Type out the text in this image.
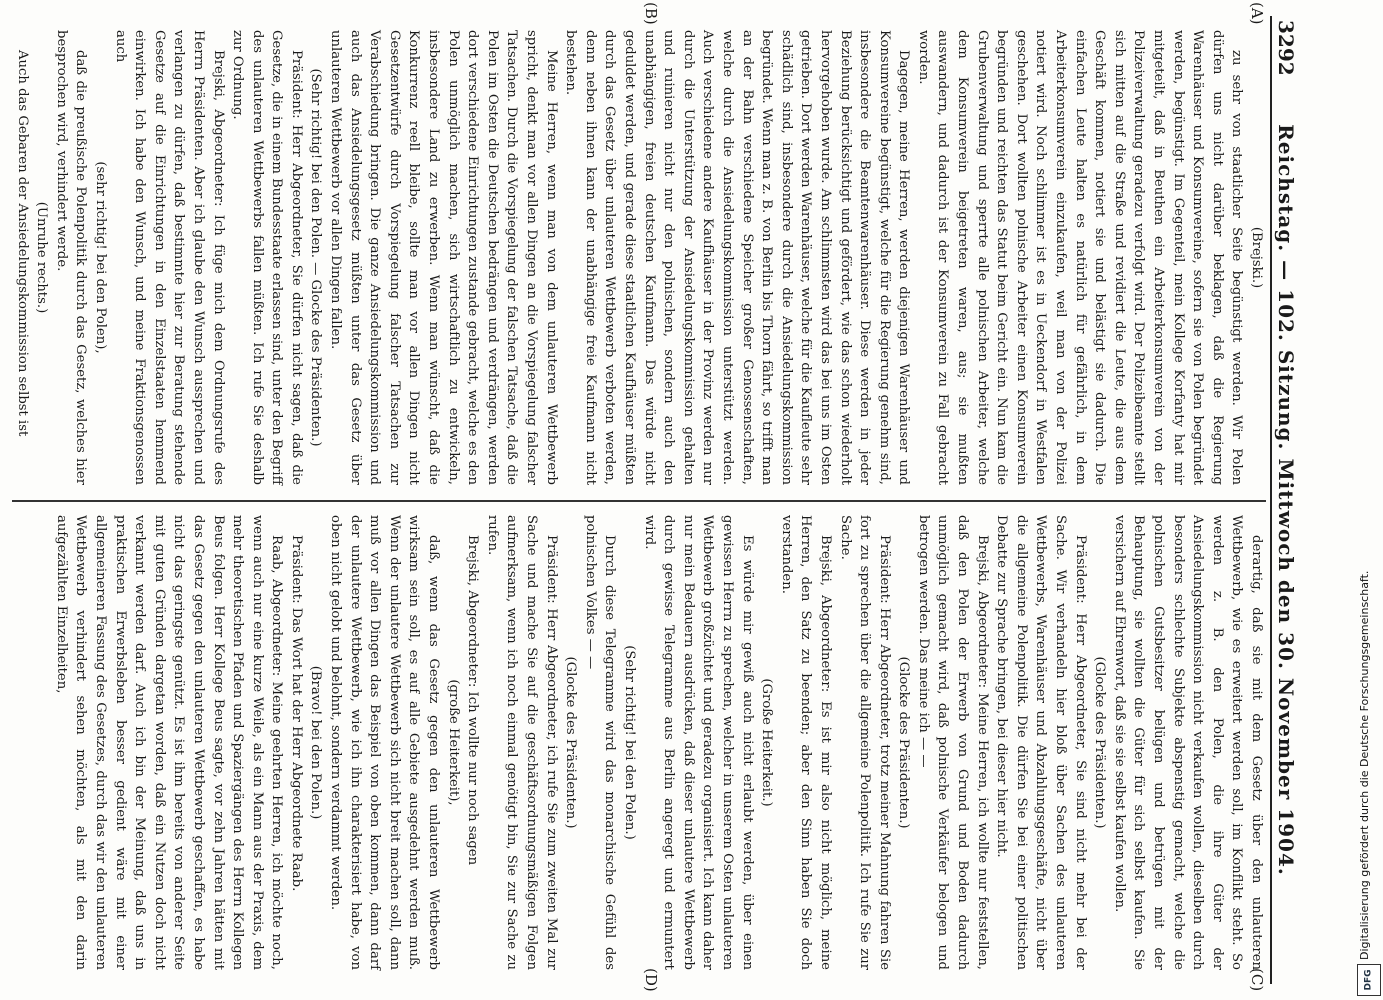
3292
Reichstag. — 102. Sitzung. Mittwoch den 30. November 1904.
(A)
(B)
(C)
(D)

(Brejski.)

zu sehr von staatlicher Seite begünstigt werden. Wir Polen dürfen uns nicht darüber beklagen, daß die Regierung Warenhäuser und Konsumvereine, sofern sie von Polen begründet werden, begünstigt. Im Gegenteil, mein Kollege Korfanty hat mir mitgeteilt, daß in Beuthen ein Arbeiterkonsumverein von der Polizeiverwaltung geradezu verfolgt wird. Der Polizeibeamte stellt sich mitten auf die Straße und revidiert die Leute, die aus dem Geschäft kommen, notiert sie und belästigt sie dadurch. Die einfachen Leute halten es natürlich für gefährlich, in dem Arbeiterkonsumverein einzukaufen, weil man von der Polizei notiert wird. Noch schlimmer ist es in Ueckendorf in Westfalen geschehen. Dort wollten polnische Arbeiter einen Konsumverein begründen und reichten das Statut beim Gericht ein. Nun kam die Grubenverwaltung und sperrte alle polnischen Arbeiter, welche dem Konsumverein beigetreten waren, aus; sie mußten auswandern, und dadurch ist der Konsumverein zu Fall gebracht worden.

Dagegen, meine Herren, werden diejenigen Warenhäuser und Konsumvereine begünstigt, welche für die Regierung genehm sind, insbesondere die Beamtenwarenhäuser. Diese werden in jeder Beziehung berücksichtigt und gefördert, wie das schon wiederholt hervorgehoben wurde. Am schlimmsten wird das bei uns im Osten getrieben. Dort werden Warenhäuser, welche für die Kaufleute sehr schädlich sind, insbesondere durch die Ansiedelungskommission begründet. Wenn man z. B. von Berlin bis Thorn fährt, so trifft man an der Bahn verschiedene Speicher großer Genossenschaften, welche durch die Ansiedelungskommission unterstützt werden. Auch verschiedene andere Kaufhäuser in der Provinz werden nur durch die Unterstützung der Ansiedelungskommission gehalten und ruinieren nicht nur den polnischen, sondern auch den unabhängigen, freien deutschen Kaufmann. Das würde nicht geduldet werden, und gerade diese staatlichen Kaufhäuser müßten durch das Gesetz über unlauteren Wettbewerb verboten werden, denn neben ihnen kann der unabhängige freie Kaufmann nicht bestehen.

Meine Herren, wenn man von dem unlauteren Wettbewerb spricht, denkt man vor allen Dingen an die Vorspiegelung falscher Tatsachen. Durch die Vorspiegelung der falschen Tatsache, daß die Polen im Osten die Deutschen bedrängen und verdrängen, werden dort verschiedene Einrichtungen zustande gebracht, welche es den Polen unmöglich machen, sich wirtschaftlich zu entwickeln, insbesondere Land zu erwerben. Wenn man wünscht, daß die Konkurrenz reell bleibe, sollte man vor allen Dingen nicht Gesetzentwürfe durch Vorspiegelung falscher Tatsachen zur Verabschiedung bringen. Die ganze Ansiedelungskommission und auch das Ansiedelungsgesetz müßten unter das Gesetz über unlauteren Wettbewerb vor allen Dingen fallen.

(Sehr richtig! bei den Polen. — Glocke des Präsidenten.)

Präsident: Herr Abgeordneter, Sie dürfen nicht sagen, daß die Gesetze, die in einem Bundesstaate erlassen sind, unter den Begriff des unlauteren Wettbewerbs fallen müßten. Ich rufe Sie deshalb zur Ordnung.

Brejski, Abgeordneter: Ich füge mich dem Ordnungsrufe des Herrn Präsidenten. Aber ich glaube den Wunsch aussprechen und verlangen zu dürfen, daß bestimmte hier zur Beratung stehende Gesetze auf die Einrichtungen in den Einzelstaaten hemmend einwirken. Ich habe den Wunsch, und meine Fraktionsgenossen auch

(sehr richtig! bei den Polen),

daß die preußische Polenpolitik durch das Gesetz, welches hier besprochen wird, verhindert werde.

(Unruhe rechts.)

Auch das Gebaren der Ansiedelungskommission selbst ist

derartig, daß sie mit dem Gesetz über den unlauteren Wettbewerb, wie es erweitert werden soll, im Konflikt steht. So werden z. B. den Polen, die ihre Güter der Ansiedelungskommission nicht verkaufen wollen, dieselben durch besonders schlechte Subjekte abspenstig gemacht, welche die polnischen Gutsbesitzer belügen und betrügen mit der Behauptung, sie wollten die Güter für sich selbst kaufen. Sie versichern auf Ehrenwort, daß sie sie selbst kaufen wollen.

(Glocke des Präsidenten.)

Präsident: Herr Abgeordneter, Sie sind nicht mehr bei der Sache. Wir verhandeln hier bloß über Sachen des unlauteren Wettbewerbs, Warenhäuser und Abzahlungsgeschäfte, nicht über die allgemeine Polenpolitik. Die dürfen Sie bei einer politischen Debatte zur Sprache bringen, bei dieser hier nicht.

Brejski, Abgeordneter: Meine Herren, ich wollte nur feststellen, daß den Polen der Erwerb von Grund und Boden dadurch unmöglich gemacht wird, daß polnische Verkäufer belogen und betrogen werden. Das meine ich — —

(Glocke des Präsidenten.)

Präsident: Herr Abgeordneter, trotz meiner Mahnung fahren Sie fort zu sprechen über die allgemeine Polenpolitik. Ich rufe Sie zur Sache.

Brejski, Abgeordneter: Es ist mir also nicht möglich, meine Herren, den Satz zu beenden; aber den Sinn haben Sie doch verstanden.

(Große Heiterkeit.)

Es würde mir gewiß auch nicht erlaubt werden, über einen gewissen Herrn zu sprechen, welcher in unserem Osten unlauteren Wettbewerb großzüchtet und geradezu organisiert. Ich kann daher nur mein Bedauern ausdrücken, daß dieser unlautere Wettbewerb durch gewisse Telegramme aus Berlin angeregt und ermuntert wird.

(Sehr richtig! bei den Polen.)

Durch diese Telegramme wird das monarchische Gefühl des polnischen Volkes — —

(Glocke des Präsidenten.)

Präsident: Herr Abgeordneter, ich rufe Sie zum zweiten Mal zur Sache und mache Sie auf die geschäftsordnungsmäßigen Folgen aufmerksam, wenn ich noch einmal genötigt bin, Sie zur Sache zu rufen.

Brejski, Abgeordneter: Ich wollte nur noch sagen

(große Heiterkeit),

daß, wenn das Gesetz gegen den unlauteren Wettbewerb wirksam sein soll, es auf alle Gebiete ausgedehnt werden muß. Wenn der unlautere Wettbewerb sich nicht breit machen soll, dann muß vor allen Dingen das Beispiel von oben kommen, dann darf der unlautere Wettbewerb, wie ich ihn charakterisiert habe, von oben nicht gelobt und belohnt, sondern verdammt werden.

(Bravo! bei den Polen.)

Präsident: Das Wort hat der Herr Abgeordnete Raab.

Raab, Abgeordneter: Meine geehrten Herren, ich möchte noch, wenn auch nur eine kurze Weile, als ein Mann aus der Praxis, dem mehr theoretischen Pfaden und Spaziergängen des Herrn Kollegen Beus folgen. Herr Kollege Beus sagte, vor zehn Jahren hätten mit das Gesetz gegen den unlauteren Wettbewerb geschaffen, es habe nicht das geringste genützt. Es ist ihm bereits von anderer Seite mit guten Gründen dargetan worden, daß ein Nutzen doch nicht verkannt werden darf. Auch ich bin der Meinung, daß uns in praktischen Erwerbsleben besser gedient wäre mit einer allgemeineren Fassung des Gesetzes, durch das wir den unlauteren Wettbewerb verhindert sehen möchten, als mit den darin aufgezählten Einzelheiten,	Digitalisierung gefördert durch die Deutsche Forschungsgemeinschaft.
DFG
